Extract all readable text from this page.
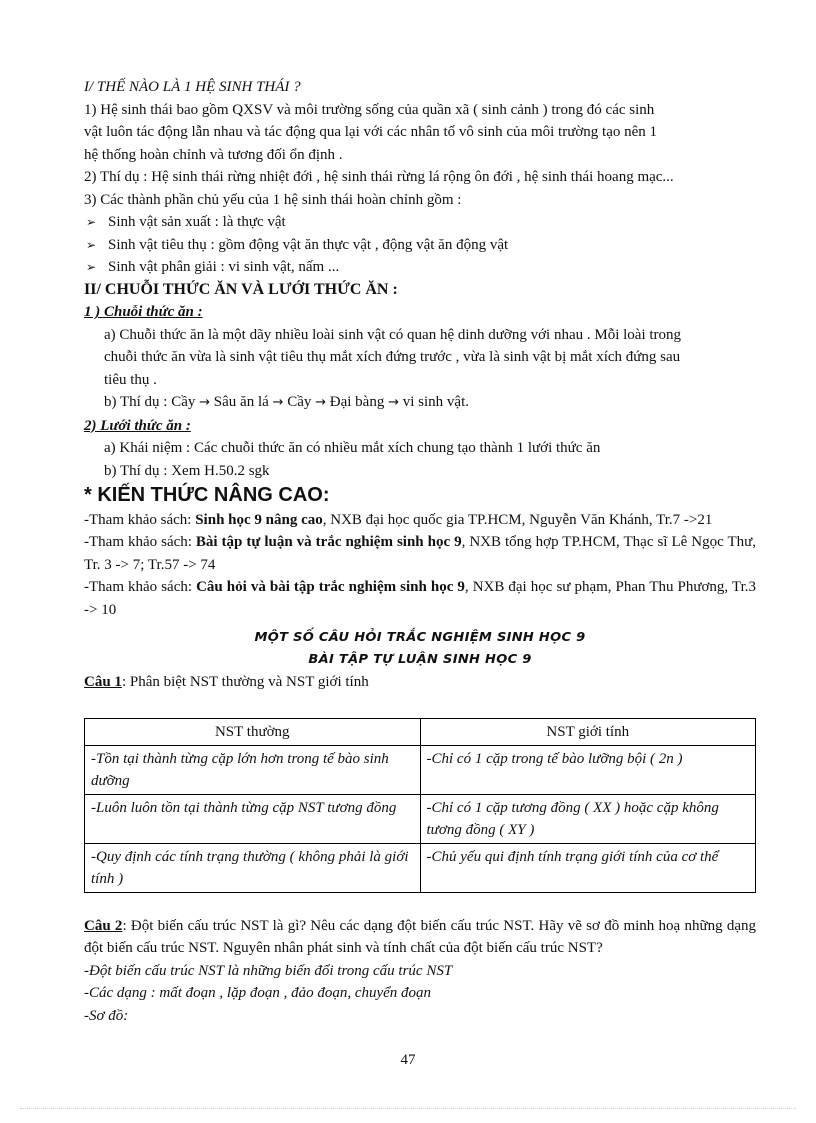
I/ THẾ NÀO LÀ 1 HỆ SINH THÁI ?
1) Hệ sinh thái bao gồm QXSV và môi trường sống của quần xã ( sinh cảnh ) trong đó các sinh
vật luôn tác động lẫn nhau và tác động qua lại với các nhân tố vô sinh của môi trường tạo nên 1
hệ thống hoàn chỉnh và tương đối ổn định .
2) Thí dụ : Hệ sinh thái rừng nhiệt đới , hệ sinh thái rừng lá rộng ôn đới , hệ sinh thái hoang mạc...
3) Các thành phần chủ yếu của 1 hệ sinh thái hoàn chỉnh gồm :
➢ Sinh vật sản xuất : là thực vật
➢ Sinh vật tiêu thụ : gồm động vật ăn thực vật , động vật ăn động vật
➢ Sinh vật phân giải : vi sinh vật, nấm ...
II/ CHUỖI THỨC ĂN VÀ LƯỚI THỨC ĂN :
1 ) Chuỗi thức ăn :
a) Chuỗi thức ăn là một dãy nhiều loài sinh vật có quan hệ dinh dưỡng với nhau . Mỗi loài trong
chuỗi thức ăn vừa là sinh vật tiêu thụ mắt xích đứng trước , vừa là sinh vật bị mắt xích đứng sau
tiêu thụ .
b) Thí dụ : Cầy → Sâu ăn lá → Cầy → Đại bàng → vi sinh vật.
2) Lưới thức ăn :
a) Khái niệm : Các chuỗi thức ăn có nhiều mắt xích chung tạo thành 1 lưới thức ăn
b) Thí dụ : Xem H.50.2 sgk
* KIẾN THỨC NÂNG CAO:
-Tham khảo sách: Sinh học 9 nâng cao, NXB đại học quốc gia TP.HCM, Nguyễn Văn Khánh, Tr.7 ->21
-Tham khảo sách: Bài tập tự luận và trắc nghiệm sinh học 9, NXB tổng hợp TP.HCM, Thạc sĩ Lê Ngọc Thư, Tr. 3 -> 7; Tr.57 -> 74
-Tham khảo sách: Câu hỏi và bài tập trắc nghiệm sinh học 9, NXB đại học sư phạm, Phan Thu Phương, Tr.3 -> 10
MỘT SỐ CÂU HỎI TRẮC NGHIỆM SINH HỌC 9
BÀI TẬP TỰ LUẬN SINH HỌC 9
Câu 1: Phân biệt NST thường và NST giới tính
NST thường	NST giới tính
-Tồn tại thành từng cặp lớn hơn trong tế bào sinh dưỡng	-Chỉ có 1 cặp trong tế bào lưỡng bội ( 2n )
-Luôn luôn tồn tại thành từng cặp NST tương đồng	-Chỉ có 1 cặp tương đồng ( XX ) hoặc cặp không tương đồng ( XY )
-Quy định các tính trạng thường ( không phải là giới tính )	-Chủ yếu qui định tính trạng giới tính của cơ thể
Câu 2: Đột biến cấu trúc NST là gì? Nêu các dạng đột biến cấu trúc NST. Hãy vẽ sơ đồ minh hoạ những dạng đột biến cấu trúc NST. Nguyên nhân phát sinh và tính chất của đột biến cấu trúc NST?
-Đột biến cấu trúc NST là những biến đổi trong cấu trúc NST
-Các dạng : mất đoạn , lặp đoạn , đảo đoạn, chuyển đoạn
-Sơ đồ:
47
